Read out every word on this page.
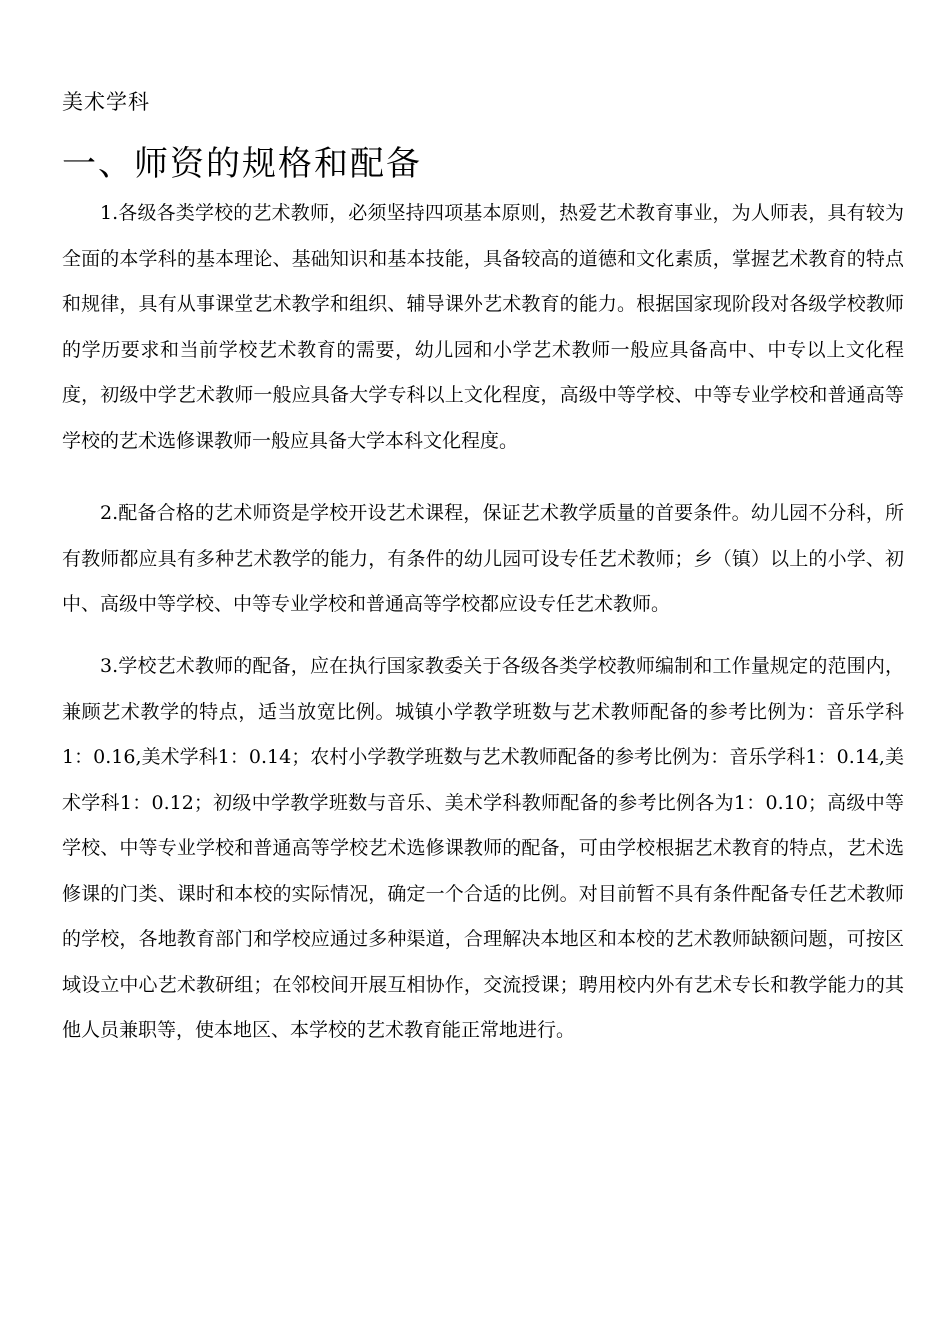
美术学科
一、师资的规格和配备

1.各级各类学校的艺术教师，必须坚持四项基本原则，热爱艺术教育事业，为人师表，具有较为全面的本学科的基本理论、基础知识和基本技能，具备较高的道德和文化素质，掌握艺术教育的特点和规律，具有从事课堂艺术教学和组织、辅导课外艺术教育的能力。根据国家现阶段对各级学校教师的学历要求和当前学校艺术教育的需要，幼儿园和小学艺术教师一般应具备高中、中专以上文化程度，初级中学艺术教师一般应具备大学专科以上文化程度，高级中等学校、中等专业学校和普通高等学校的艺术选修课教师一般应具备大学本科文化程度。

2.配备合格的艺术师资是学校开设艺术课程，保证艺术教学质量的首要条件。幼儿园不分科，所有教师都应具有多种艺术教学的能力，有条件的幼儿园可设专任艺术教师；乡（镇）以上的小学、初中、高级中等学校、中等专业学校和普通高等学校都应设专任艺术教师。

3.学校艺术教师的配备，应在执行国家教委关于各级各类学校教师编制和工作量规定的范围内，兼顾艺术教学的特点，适当放宽比例。城镇小学教学班数与艺术教师配备的参考比例为：音乐学科1：0.16,美术学科1：0.14；农村小学教学班数与艺术教师配备的参考比例为：音乐学科1：0.14,美术学科1：0.12；初级中学教学班数与音乐、美术学科教师配备的参考比例各为1：0.10；高级中等学校、中等专业学校和普通高等学校艺术选修课教师的配备，可由学校根据艺术教育的特点，艺术选修课的门类、课时和本校的实际情况，确定一个合适的比例。对目前暂不具有条件配备专任艺术教师的学校，各地教育部门和学校应通过多种渠道，合理解决本地区和本校的艺术教师缺额问题，可按区域设立中心艺术教研组；在邻校间开展互相协作，交流授课；聘用校内外有艺术专长和教学能力的其他人员兼职等，使本地区、本学校的艺术教育能正常地进行。
